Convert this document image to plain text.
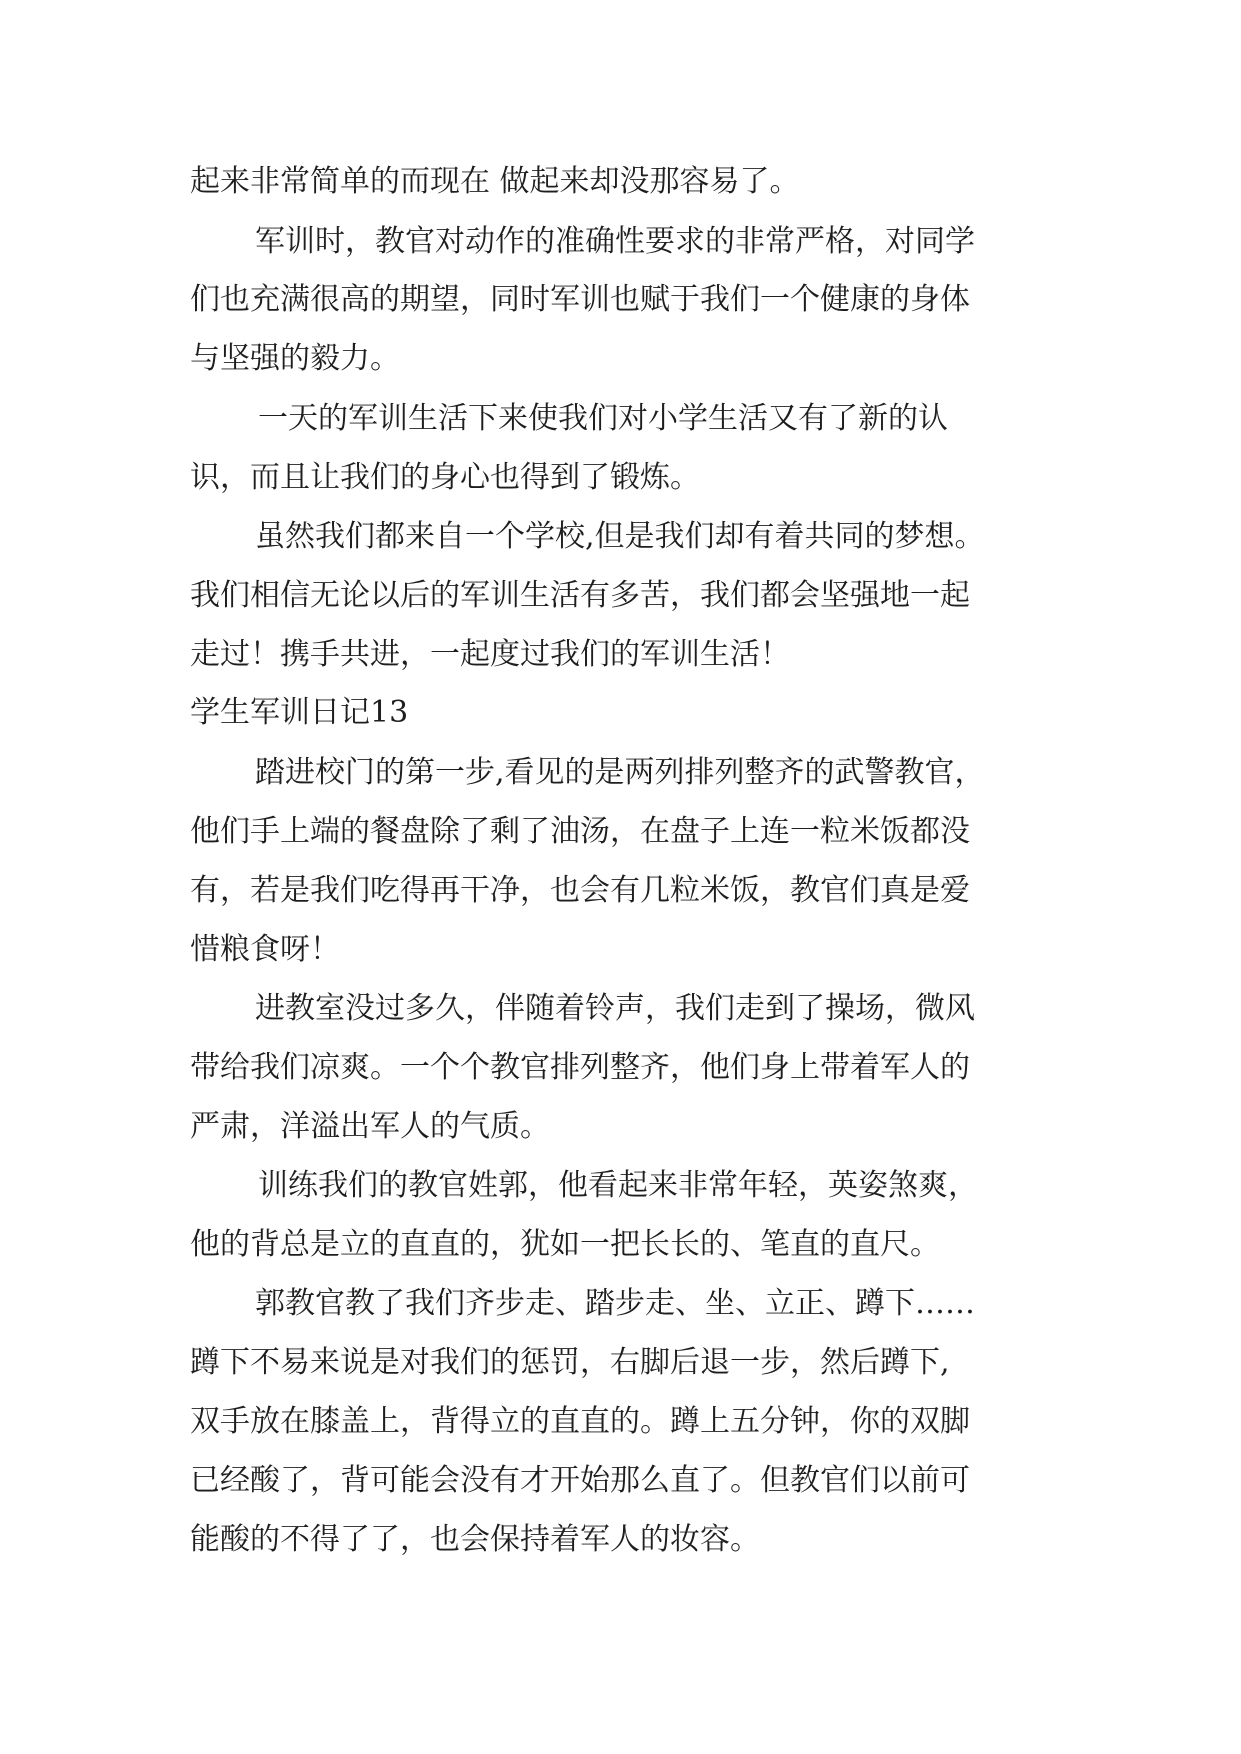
起来非常简单的而现在 做起来却没那容易了。

军训时，教官对动作的准确性要求的非常严格，对同学

们也充满很高的期望，同时军训也赋于我们一个健康的身体

与坚强的毅力。

一天的军训生活下来使我们对小学生活又有了新的认

识，而且让我们的身心也得到了锻炼。

虽然我们都来自一个学校,但是我们却有着共同的梦想。

我们相信无论以后的军训生活有多苦，我们都会坚强地一起

走过！携手共进，一起度过我们的军训生活！

学生军训日记13

踏进校门的第一步,看见的是两列排列整齐的武警教官，

他们手上端的餐盘除了剩了油汤，在盘子上连一粒米饭都没

有，若是我们吃得再干净，也会有几粒米饭，教官们真是爱

惜粮食呀！

进教室没过多久，伴随着铃声，我们走到了操场，微风

带给我们凉爽。一个个教官排列整齐，他们身上带着军人的

严肃，洋溢出军人的气质。

训练我们的教官姓郭，他看起来非常年轻，英姿煞爽，

他的背总是立的直直的，犹如一把长长的、笔直的直尺。

郭教官教了我们齐步走、踏步走、坐、立正、蹲下……

蹲下不易来说是对我们的惩罚，右脚后退一步，然后蹲下,

双手放在膝盖上，背得立的直直的。蹲上五分钟，你的双脚

已经酸了，背可能会没有才开始那么直了。但教官们以前可

能酸的不得了了，也会保持着军人的妆容。
